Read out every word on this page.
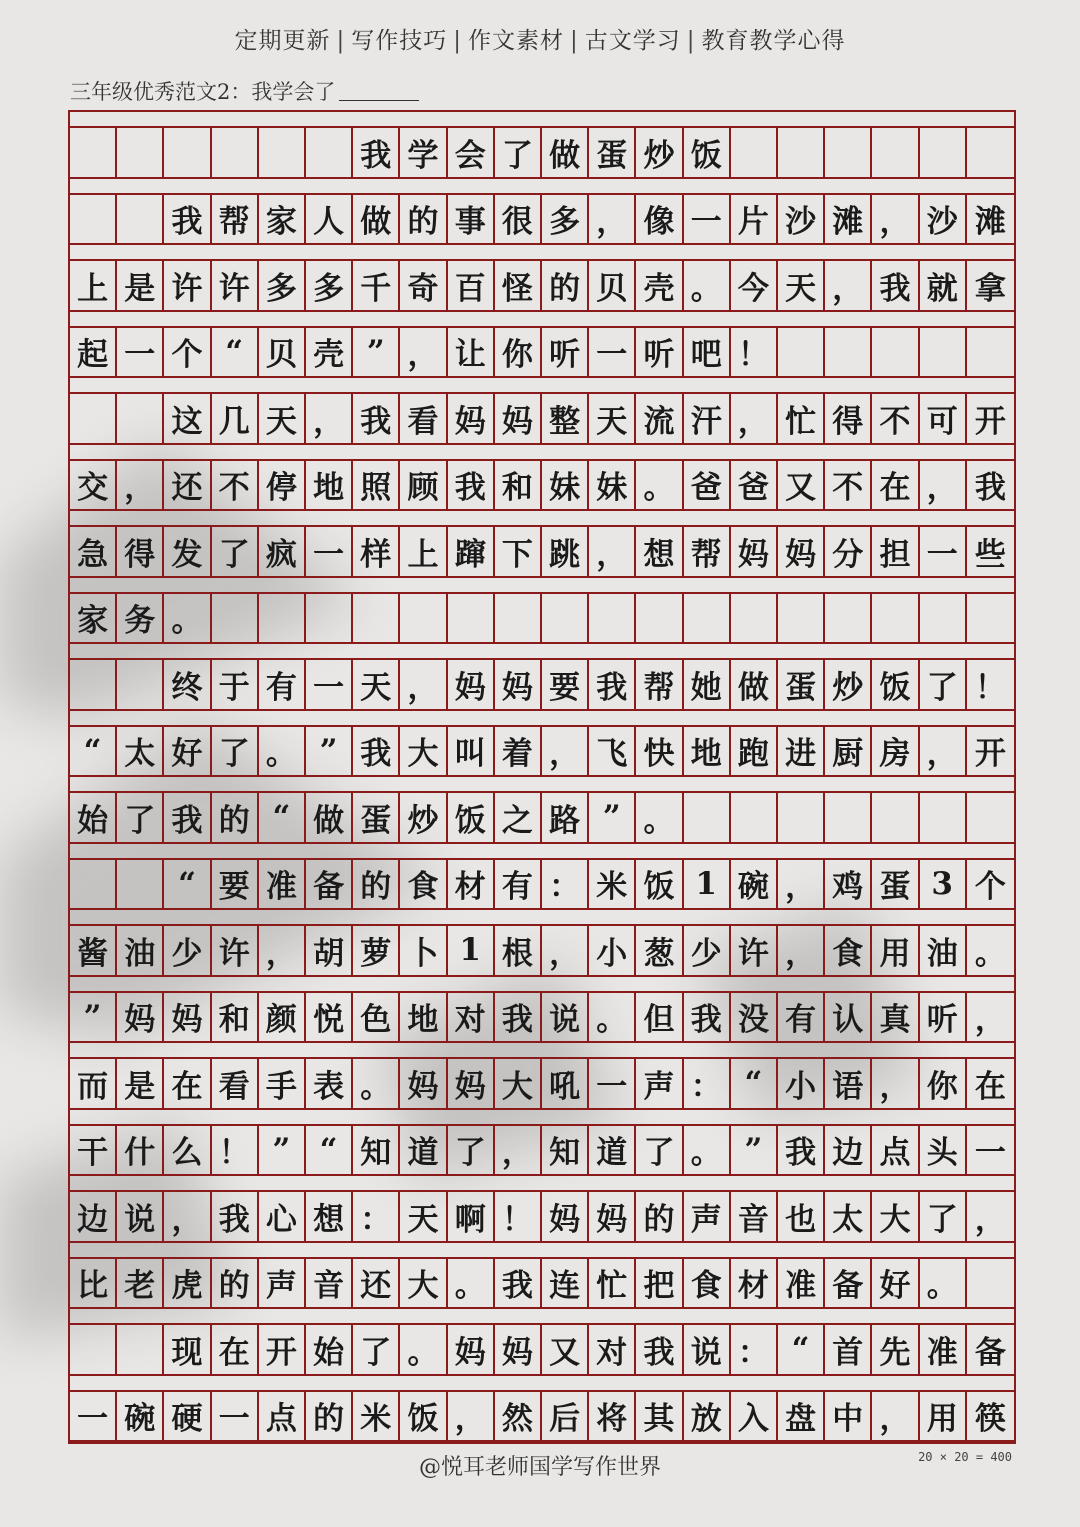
定期更新 | 写作技巧 | 作文素材 | 古文学习 | 教育教学心得
三年级优秀范文2：我学会了
我 学 会 了 做 蛋 炒 饭
我 帮 家 人 做 的 事 很 多 ， 像 一 片 沙 滩 ， 沙 滩
上 是 许 许 多 多 千 奇 百 怪 的 贝 壳 。 今 天 ， 我 就 拿
起 一 个 “ 贝 壳 ” ， 让 你 听 一 听 吧 ！
这 几 天 ， 我 看 妈 妈 整 天 流 汗 ， 忙 得 不 可 开
交 ， 还 不 停 地 照 顾 我 和 妹 妹 。 爸 爸 又 不 在 ， 我
急 得 发 了 疯 一 样 上 蹿 下 跳 ， 想 帮 妈 妈 分 担 一 些
家 务 。
终 于 有 一 天 ， 妈 妈 要 我 帮 她 做 蛋 炒 饭 了 ！
“ 太 好 了 。 ” 我 大 叫 着 ， 飞 快 地 跑 进 厨 房 ， 开
始 了 我 的 “ 做 蛋 炒 饭 之 路 ” 。
“ 要 准 备 的 食 材 有 ： 米 饭 1 碗 ， 鸡 蛋 3 个
酱 油 少 许 ， 胡 萝 卜 1 根 ， 小 葱 少 许 ， 食 用 油 。
” 妈 妈 和 颜 悦 色 地 对 我 说 。 但 我 没 有 认 真 听 ，
而 是 在 看 手 表 。 妈 妈 大 吼 一 声 ： “ 小 语 ， 你 在
干 什 么 ！ ” “ 知 道 了 ， 知 道 了 。 ” 我 边 点 头 一
边 说 ， 我 心 想 ： 天 啊 ！ 妈 妈 的 声 音 也 太 大 了 ，
比 老 虎 的 声 音 还 大 。 我 连 忙 把 食 材 准 备 好 。
现 在 开 始 了 。 妈 妈 又 对 我 说 ： “ 首 先 准 备
一 碗 硬 一 点 的 米 饭 ， 然 后 将 其 放 入 盘 中 ， 用 筷
@悦耳老师国学写作世界	20 × 20 = 400
